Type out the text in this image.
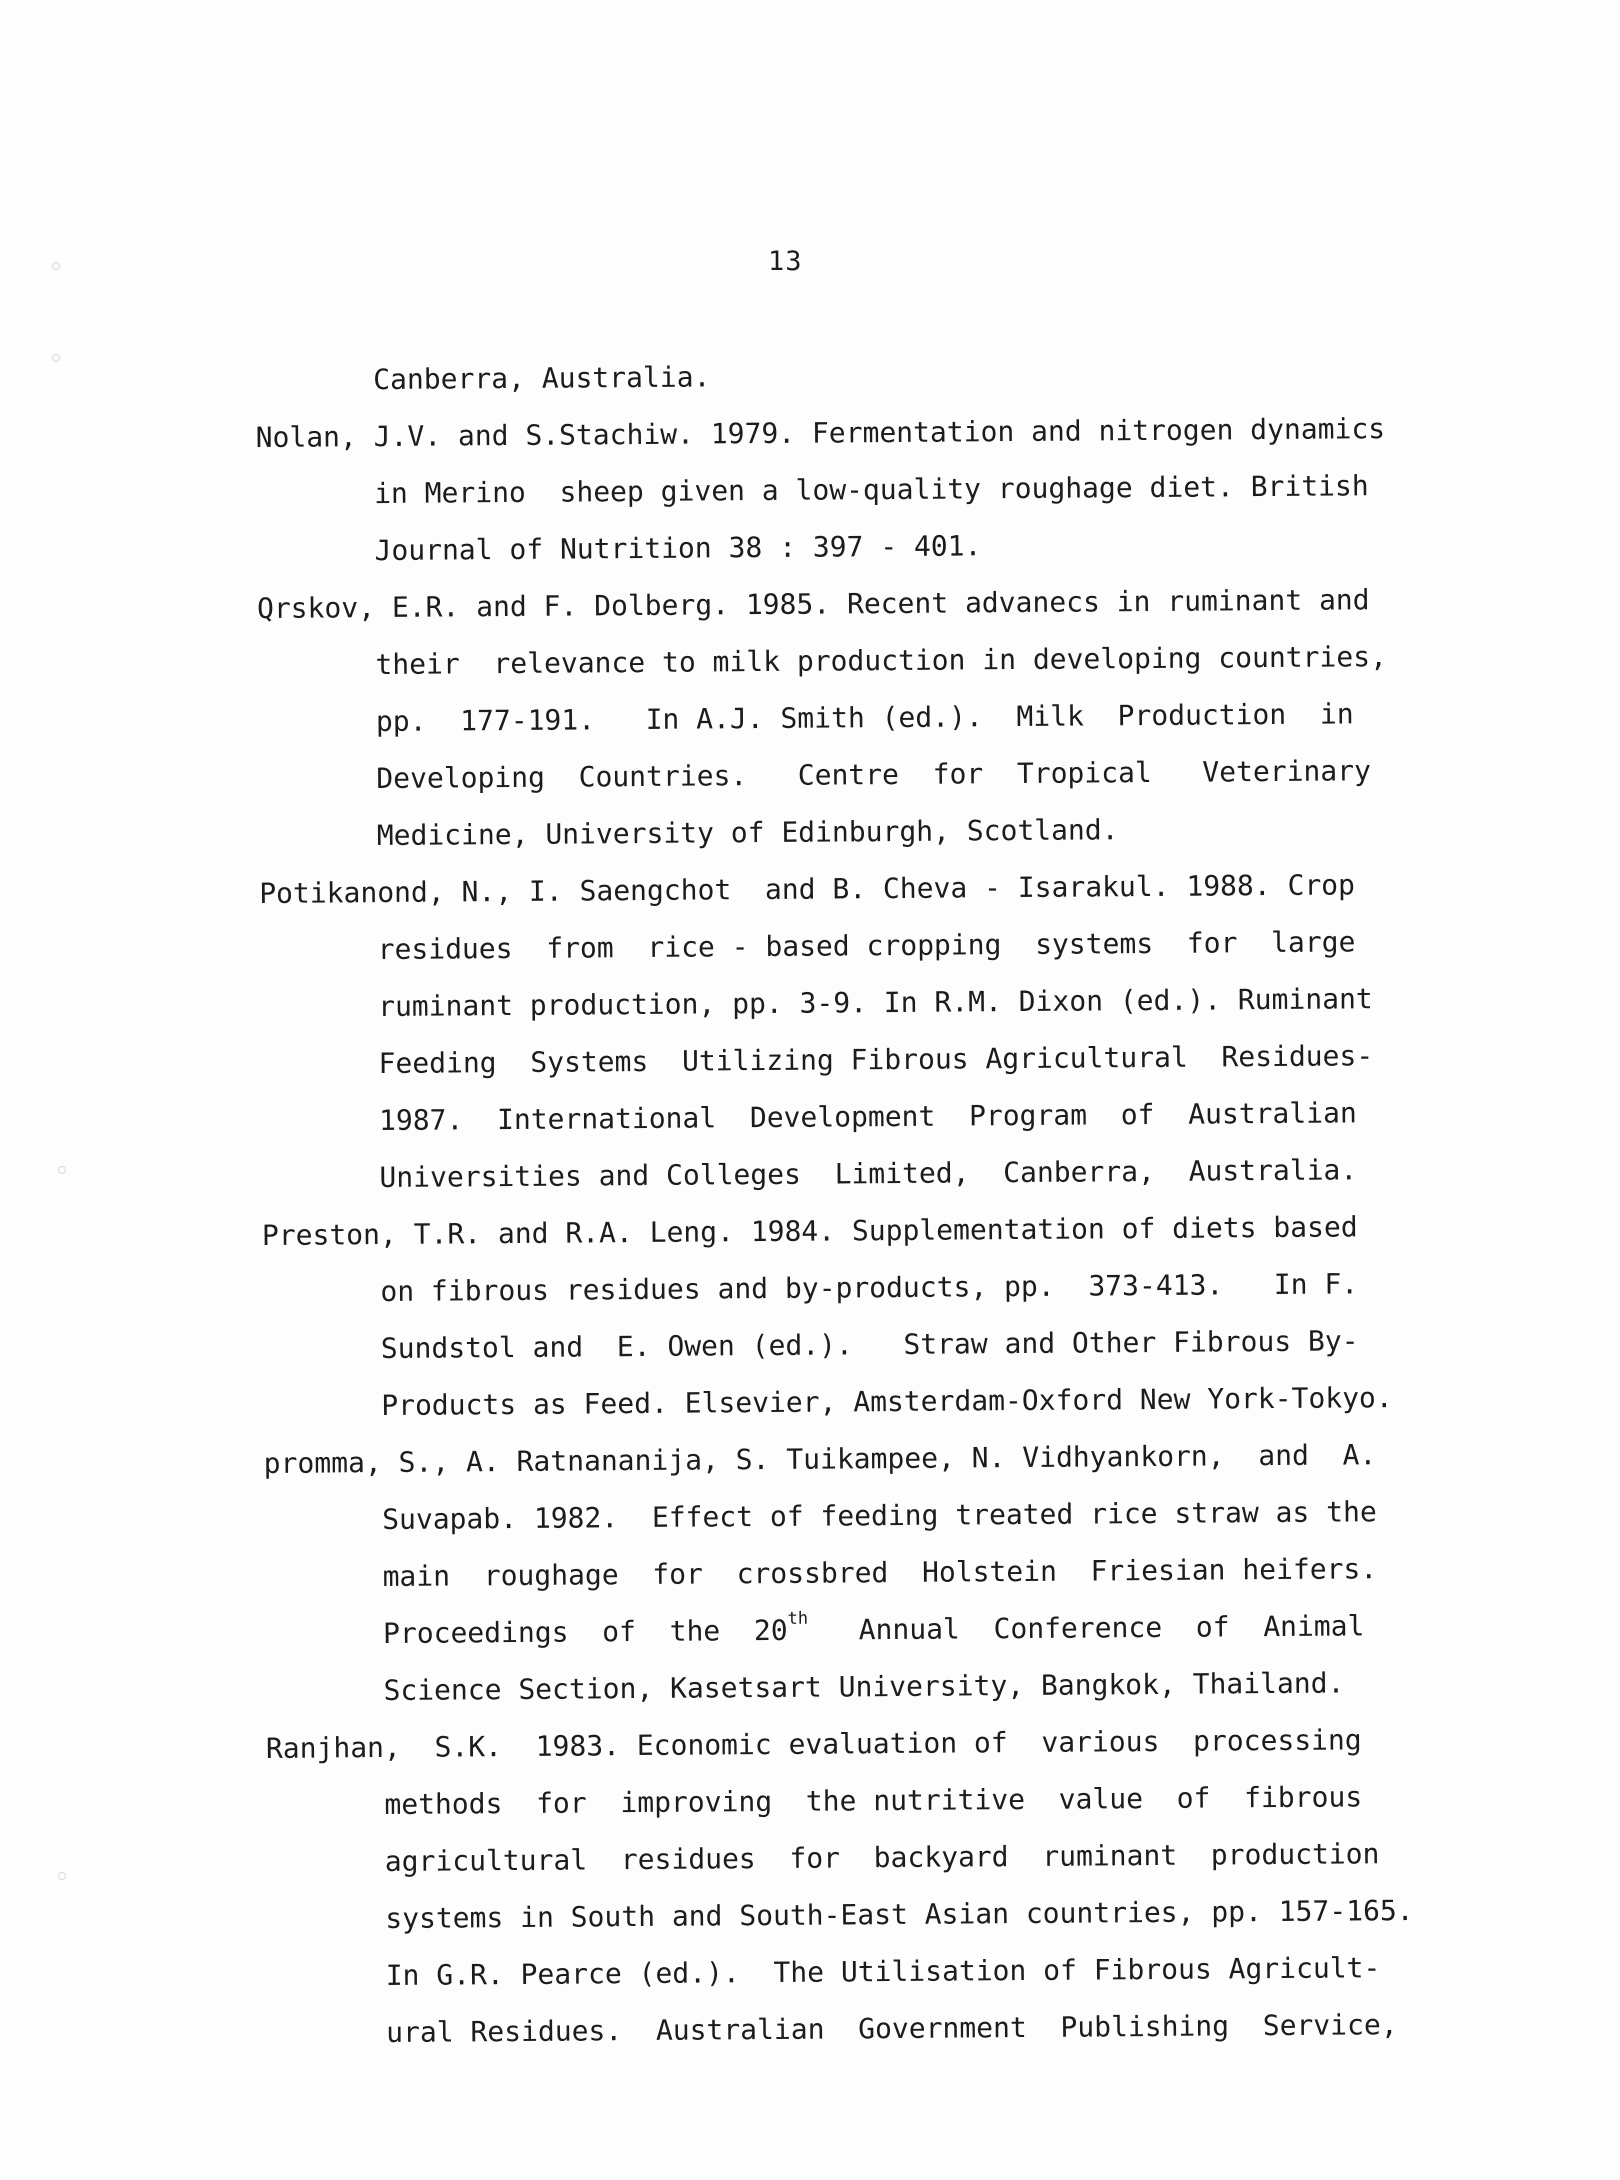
13
Canberra, Australia.
Nolan, J.V. and S.Stachiw. 1979. Fermentation and nitrogen dynamics
in Merino  sheep given a low-quality roughage diet. British
Journal of Nutrition 38 : 397 - 401.
Qrskov, E.R. and F. Dolberg. 1985. Recent advanecs in ruminant and
their  relevance to milk production in developing countries,
pp.  177-191.   In A.J. Smith (ed.).  Milk  Production  in
Developing  Countries.   Centre  for  Tropical   Veterinary
Medicine, University of Edinburgh, Scotland.
Potikanond, N., I. Saengchot  and B. Cheva - Isarakul. 1988. Crop
residues  from  rice - based cropping  systems  for  large
ruminant production, pp. 3-9. In R.M. Dixon (ed.). Ruminant
Feeding  Systems  Utilizing Fibrous Agricultural  Residues-
1987.  International  Development  Program  of  Australian
Universities and Colleges  Limited,  Canberra,  Australia.
Preston, T.R. and R.A. Leng. 1984. Supplementation of diets based
on fibrous residues and by-products, pp.  373-413.   In F.
Sundstol and  E. Owen (ed.).   Straw and Other Fibrous By-
Products as Feed. Elsevier, Amsterdam-Oxford New York-Tokyo.
promma, S., A. Ratnananija, S. Tuikampee, N. Vidhyankorn,  and  A.
Suvapab. 1982.  Effect of feeding treated rice straw as the
main  roughage  for  crossbred  Holstein  Friesian heifers.
Proceedings  of  the  20th   Annual  Conference  of  Animal
Science Section, Kasetsart University, Bangkok, Thailand.
Ranjhan,  S.K.  1983. Economic evaluation of  various  processing
methods  for  improving  the nutritive  value  of  fibrous
agricultural  residues  for  backyard  ruminant  production
systems in South and South-East Asian countries, pp. 157-165.
In G.R. Pearce (ed.).  The Utilisation of Fibrous Agricult-
ural Residues.  Australian  Government  Publishing  Service,
